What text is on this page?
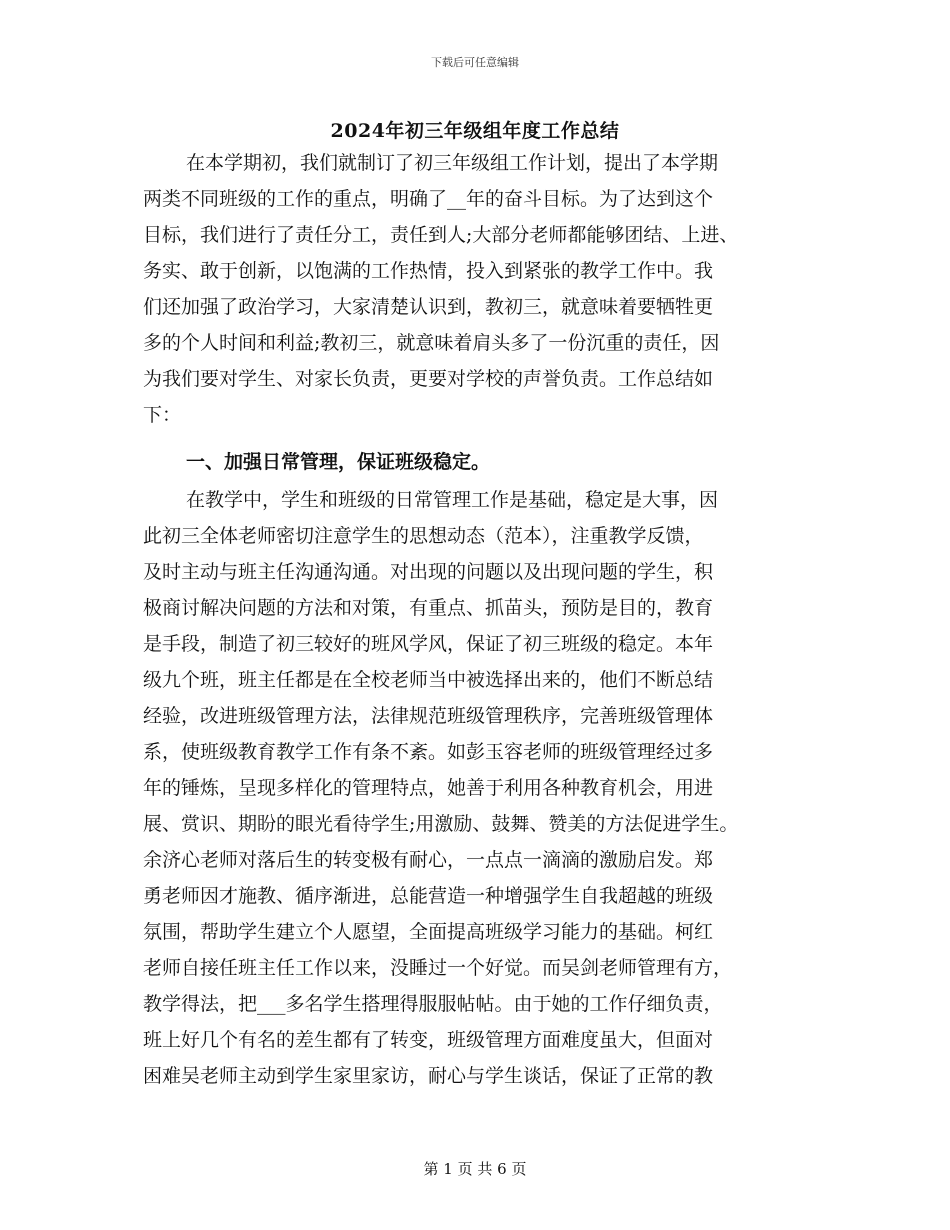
下载后可任意编辑
2024年初三年级组年度工作总结
在本学期初，我们就制订了初三年级组工作计划，提出了本学期
两类不同班级的工作的重点，明确了__年的奋斗目标。为了达到这个
目标，我们进行了责任分工，责任到人;大部分老师都能够团结、上进、
务实、敢于创新，以饱满的工作热情，投入到紧张的教学工作中。我
们还加强了政治学习，大家清楚认识到，教初三，就意味着要牺牲更
多的个人时间和利益;教初三，就意味着肩头多了一份沉重的责任，因
为我们要对学生、对家长负责，更要对学校的声誉负责。工作总结如
下：
一、加强日常管理，保证班级稳定。
在教学中，学生和班级的日常管理工作是基础，稳定是大事，因
此初三全体老师密切注意学生的思想动态（范本），注重教学反馈，
及时主动与班主任沟通沟通。对出现的问题以及出现问题的学生，积
极商讨解决问题的方法和对策，有重点、抓苗头，预防是目的，教育
是手段，制造了初三较好的班风学风，保证了初三班级的稳定。本年
级九个班，班主任都是在全校老师当中被选择出来的，他们不断总结
经验，改进班级管理方法，法律规范班级管理秩序，完善班级管理体
系，使班级教育教学工作有条不紊。如彭玉容老师的班级管理经过多
年的锤炼，呈现多样化的管理特点，她善于利用各种教育机会，用进
展、赏识、期盼的眼光看待学生;用激励、鼓舞、赞美的方法促进学生。
余济心老师对落后生的转变极有耐心，一点点一滴滴的激励启发。郑
勇老师因才施教、循序渐进，总能营造一种增强学生自我超越的班级
氛围，帮助学生建立个人愿望，全面提高班级学习能力的基础。柯红
老师自接任班主任工作以来，没睡过一个好觉。而吴剑老师管理有方，
教学得法，把___多名学生搭理得服服帖帖。由于她的工作仔细负责，
班上好几个有名的差生都有了转变，班级管理方面难度虽大，但面对
困难吴老师主动到学生家里家访，耐心与学生谈话，保证了正常的教
第 1 页 共 6 页
